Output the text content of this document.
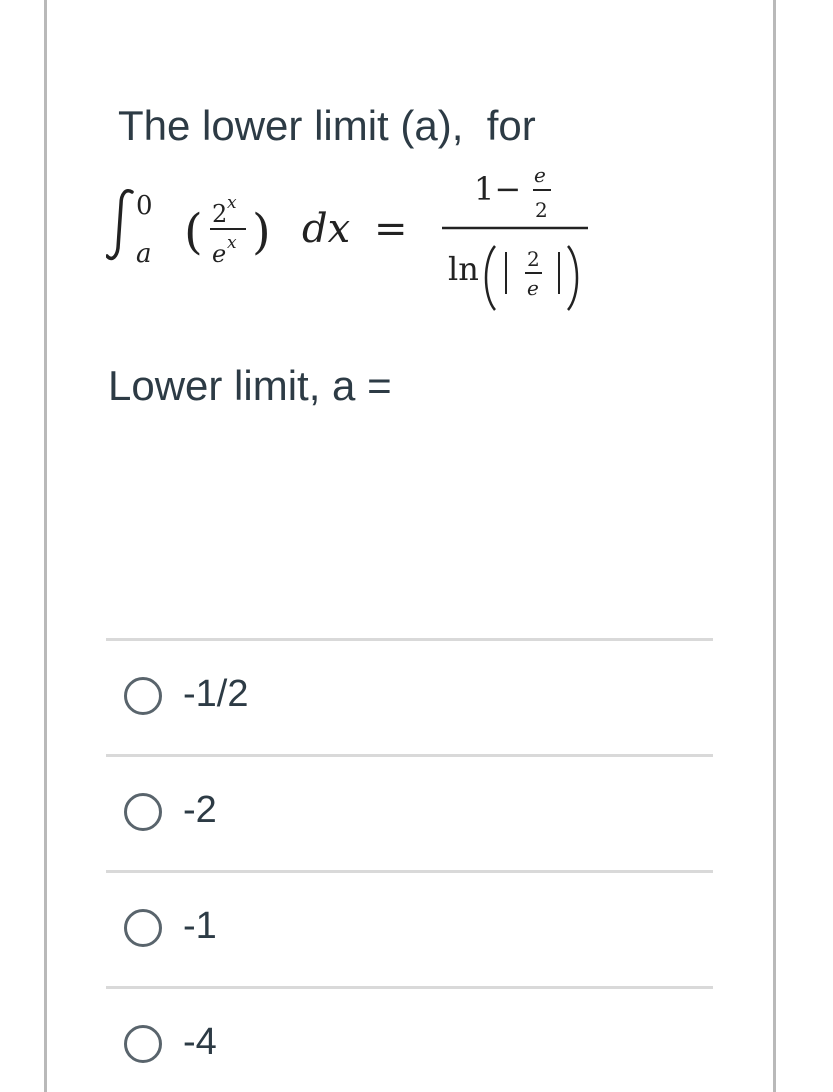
The lower limit (a),  for
0
a ( 2 x
e x ) dx =
1− e
2
ln 2
e
Lower limit, a =
-1/2
-2
-1
-4
